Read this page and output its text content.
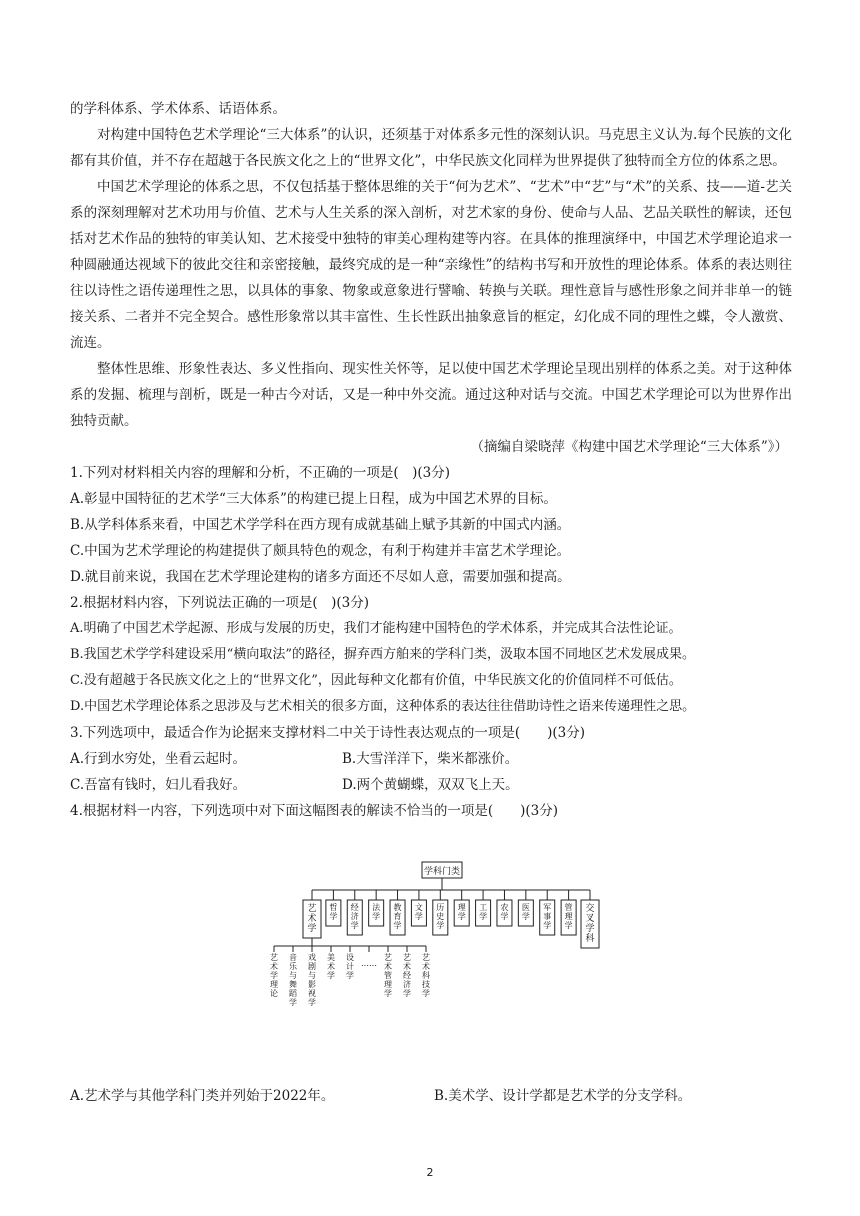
的学科体系、学术体系、话语体系。

对构建中国特色艺术学理论“三大体系”的认识，还须基于对体系多元性的深刻认识。马克思主义认为.每个民族的文化都有其价值，并不存在超越于各民族文化之上的“世界文化”，中华民族文化同样为世界提供了独特而全方位的体系之思。

中国艺术学理论的体系之思，不仅包括基于整体思维的关于“何为艺术”、“艺术”中“艺”与“术”的关系、技——道-艺关系的深刻理解对艺术功用与价值、艺术与人生关系的深入剖析，对艺术家的身份、使命与人品、艺品关联性的解读，还包括对艺术作品的独特的审美认知、艺术接受中独特的审美心理构建等内容。在具体的推理演绎中，中国艺术学理论追求一种圆融通达视域下的彼此交往和亲密接触，最终究成的是一种“亲缘性”的结构书写和开放性的理论体系。体系的表达则往往以诗性之语传递理性之思，以具体的事象、物象或意象进行譬喻、转换与关联。理性意旨与感性形象之间并非单一的链接关系、二者并不完全契合。感性形象常以其丰富性、生长性跃出抽象意旨的框定，幻化成不同的理性之蝶，令人激赏、流连。

整体性思维、形象性表达、多义性指向、现实性关怀等，足以使中国艺术学理论呈现出别样的体系之美。对于这种体系的发掘、梳理与剖析，既是一种古今对话，又是一种中外交流。通过这种对话与交流。中国艺术学理论可以为世界作出独特贡献。

（摘编自梁晓萍《构建中国艺术学理论“三大体系”》）

1.下列对材料相关内容的理解和分析，不正确的一项是(　)(3分)

A.彰显中国特征的艺术学“三大体系”的构建已提上日程，成为中国艺术界的目标。

B.从学科体系来看，中国艺术学学科在西方现有成就基础上赋予其新的中国式内涵。

C.中国为艺术学理论的构建提供了颇具特色的观念，有利于构建并丰富艺术学理论。

D.就目前来说，我国在艺术学理论建构的诸多方面还不尽如人意，需要加强和提高。

2.根据材料内容，下列说法正确的一项是(　)(3分)

A.明确了中国艺术学起源、形成与发展的历史，我们才能构建中国特色的学术体系，并完成其合法性论证。

B.我国艺术学学科建设采用“横向取法”的路径，摒弃西方舶来的学科门类，汲取本国不同地区艺术发展成果。

C.没有超越于各民族文化之上的“世界文化”，因此每种文化都有价值，中华民族文化的价值同样不可低估。

D.中国艺术学理论体系之思涉及与艺术相关的很多方面，这种体系的表达往往借助诗性之语来传递理性之思。

3.下列选项中，最适合作为论据来支撑材料二中关于诗性表达观点的一项是(　　)(3分)

A.行到水穷处，坐看云起时。	B.大雪洋洋下，柴米都涨价。
C.吾富有钱时，妇儿看我好。	D.两个黄蝴蝶，双双飞上天。

4.根据材料一内容，下列选项中对下面这幅图表的解读不恰当的一项是(　　)(3分)

学科门类
艺
术
学
哲
学
经
济
学
法
学
教
育
学
文
学
历
史
学
理
学
工
学
农
学
医
学
军
事
学
管
理
学
交
叉
学
科
艺
术
学
理
论
音
乐
与
舞
蹈
学
戏
剧
与
影
视
学
美
术
学
设
计
学
……
艺
术
管
理
学
艺
术
经
济
学
艺
术
科
技
学
A.艺术学与其他学科门类并列始于2022年。	B.美术学、设计学都是艺术学的分支学科。
2
